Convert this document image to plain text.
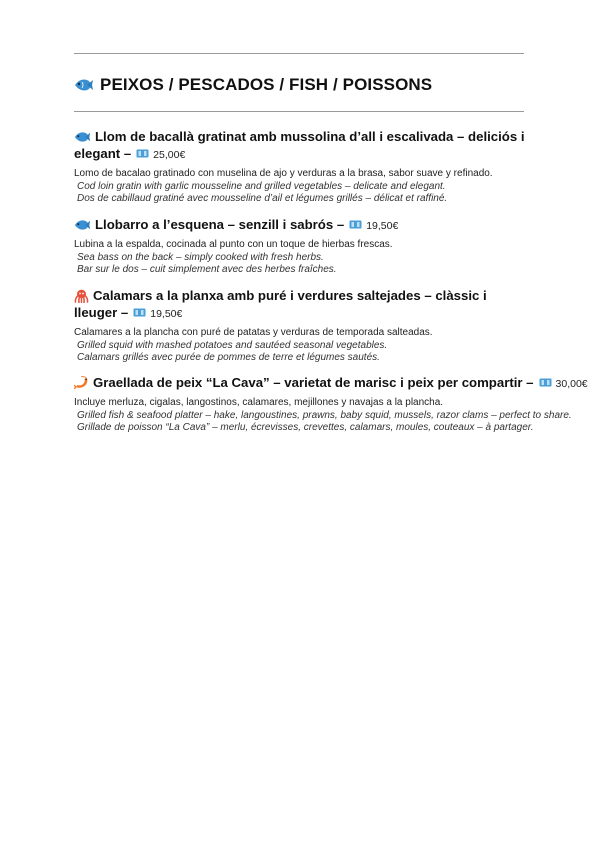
PEIXOS / PESCADOS / FISH / POISSONS
Llom de bacallà gratinat amb mussolina d’all i escalivada – deliciós i elegant – 25,00€
Lomo de bacalao gratinado con muselina de ajo y verduras a la brasa, sabor suave y refinado.
Cod loin gratin with garlic mousseline and grilled vegetables – delicate and elegant.
Dos de cabillaud gratiné avec mousseline d’ail et légumes grillés – délicat et raffiné.
Llobarro a l’esquena – senzill i sabrós – 19,50€
Lubina a la espalda, cocinada al punto con un toque de hierbas frescas.
Sea bass on the back – simply cooked with fresh herbs.
Bar sur le dos – cuit simplement avec des herbes fraîches.
Calamars a la planxa amb puré i verdures saltejades – clàssic i lleuger – 19,50€
Calamares a la plancha con puré de patatas y verduras de temporada salteadas.
Grilled squid with mashed potatoes and sautéed seasonal vegetables.
Calamars grillés avec purée de pommes de terre et légumes sautés.
Graellada de peix “La Cava” – varietat de marisc i peix per compartir – 30,00€
Incluye merluza, cigalas, langostinos, calamares, mejillones y navajas a la plancha.
Grilled fish & seafood platter – hake, langoustines, prawns, baby squid, mussels, razor clams – perfect to share.
Grillade de poisson “La Cava” – merlu, écrevisses, crevettes, calamars, moules, couteaux – à partager.
